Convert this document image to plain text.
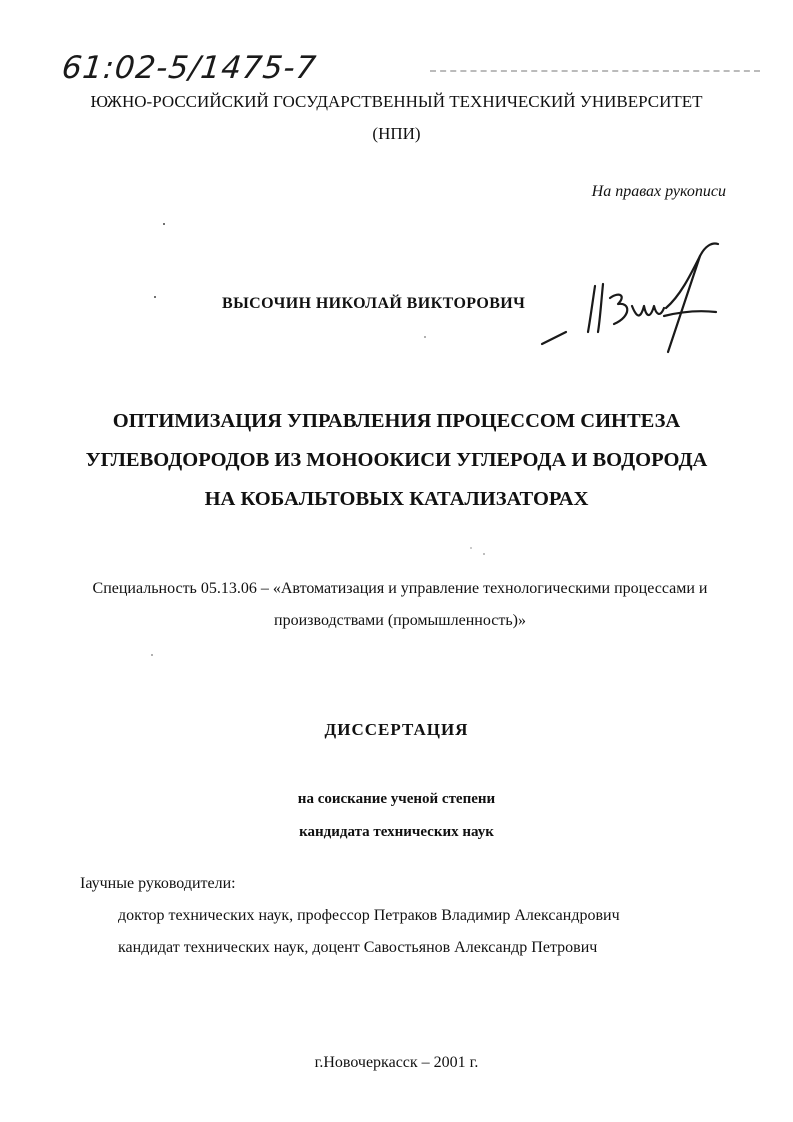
61:02-5/1475-7
ЮЖНО-РОССИЙСКИЙ ГОСУДАРСТВЕННЫЙ ТЕХНИЧЕСКИЙ УНИВЕРСИТЕТ
(НПИ)
На правах рукописи
ВЫСОЧИН НИКОЛАЙ ВИКТОРОВИЧ
ОПТИМИЗАЦИЯ УПРАВЛЕНИЯ ПРОЦЕССОМ СИНТЕЗА
УГЛЕВОДОРОДОВ ИЗ МОНООКИСИ УГЛЕРОДА И ВОДОРОДА
НА КОБАЛЬТОВЫХ КАТАЛИЗАТОРАХ
Специальность 05.13.06 – «Автоматизация и управление технологическими процессами и производствами (промышленность)»
ДИССЕРТАЦИЯ
на соискание ученой степени
кандидата технических наук
Iаучные руководители:
доктор технических наук, профессор Петраков Владимир Александрович
кандидат технических наук, доцент Савостьянов Александр Петрович
г.Новочеркасск – 2001 г.
